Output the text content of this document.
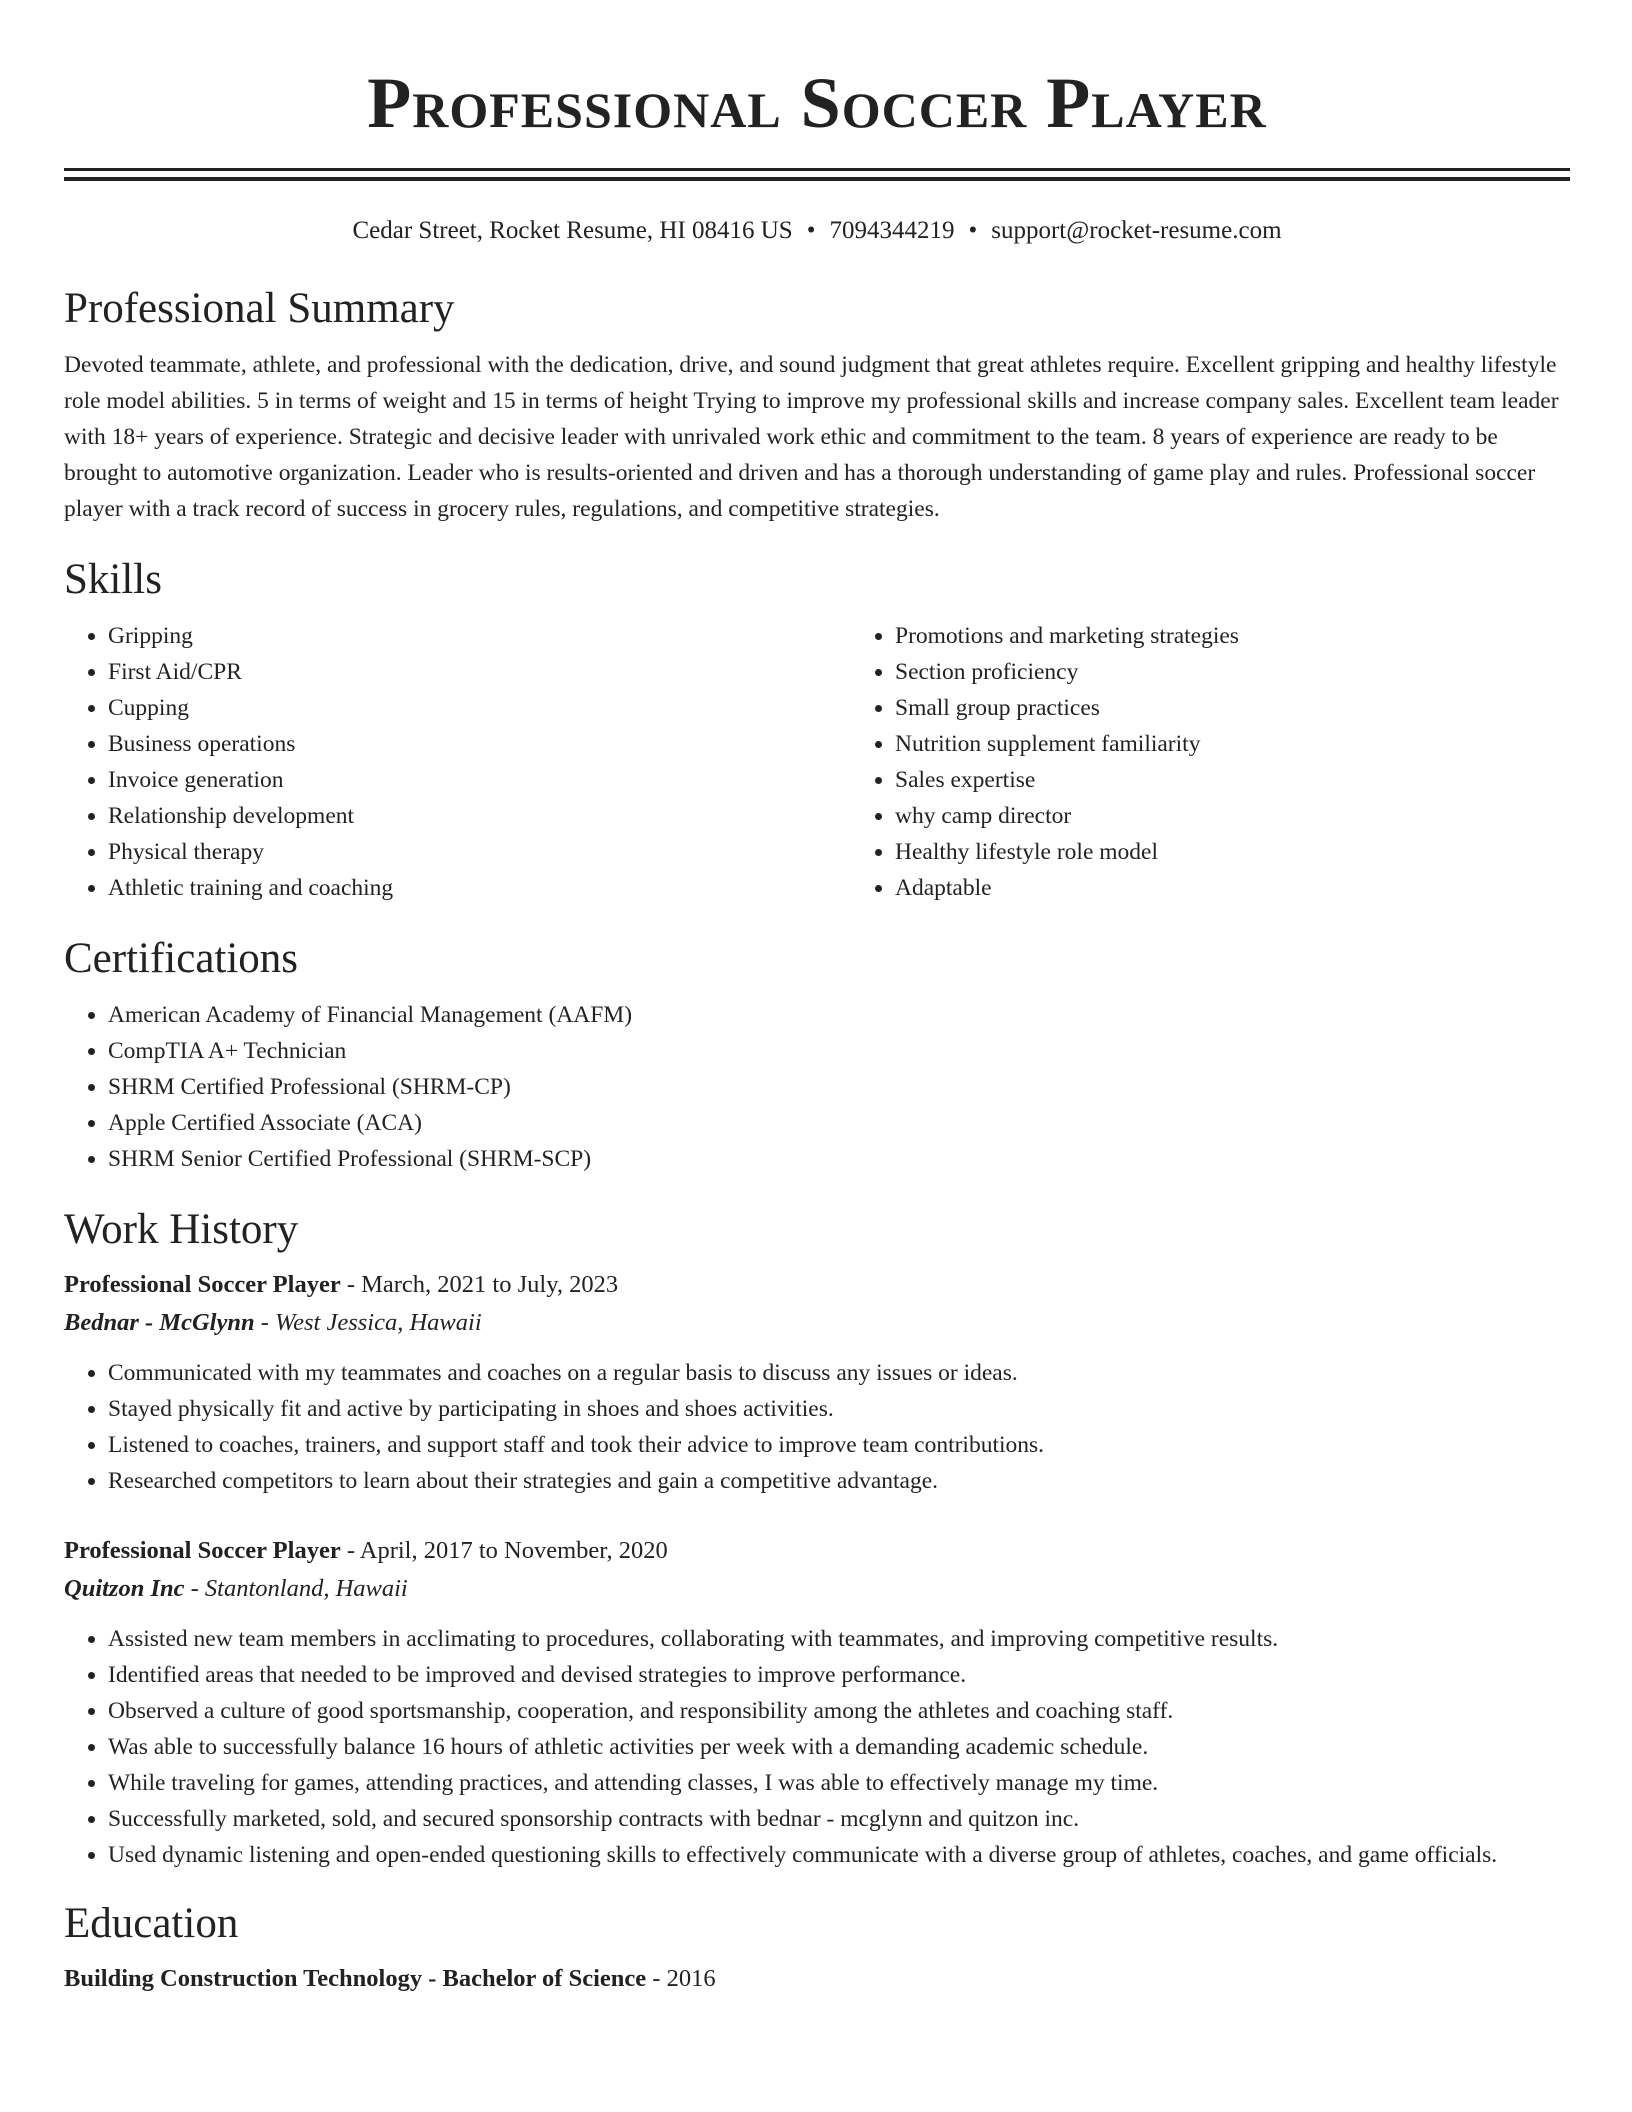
Professional Soccer Player
Cedar Street, Rocket Resume, HI 08416 US • 7094344219 • support@rocket-resume.com
Professional Summary

Devoted teammate, athlete, and professional with the dedication, drive, and sound judgment that great athletes require. Excellent gripping and healthy lifestyle role model abilities. 5 in terms of weight and 15 in terms of height Trying to improve my professional skills and increase company sales. Excellent team leader with 18+ years of experience. Strategic and decisive leader with unrivaled work ethic and commitment to the team. 8 years of experience are ready to be brought to automotive organization. Leader who is results-oriented and driven and has a thorough understanding of game play and rules. Professional soccer player with a track record of success in grocery rules, regulations, and competitive strategies.

Skills
• Gripping
• First Aid/CPR
• Cupping
• Business operations
• Invoice generation
• Relationship development
• Physical therapy
• Athletic training and coaching
• Promotions and marketing strategies
• Section proficiency
• Small group practices
• Nutrition supplement familiarity
• Sales expertise
• why camp director
• Healthy lifestyle role model
• Adaptable
Certifications
• American Academy of Financial Management (AAFM)
• CompTIA A+ Technician
• SHRM Certified Professional (SHRM-CP)
• Apple Certified Associate (ACA)
• SHRM Senior Certified Professional (SHRM-SCP)
Work History
Professional Soccer Player - March, 2021 to July, 2023
Bednar - McGlynn - West Jessica, Hawaii
• Communicated with my teammates and coaches on a regular basis to discuss any issues or ideas.
• Stayed physically fit and active by participating in shoes and shoes activities.
• Listened to coaches, trainers, and support staff and took their advice to improve team contributions.
• Researched competitors to learn about their strategies and gain a competitive advantage.
Professional Soccer Player - April, 2017 to November, 2020
Quitzon Inc - Stantonland, Hawaii
• Assisted new team members in acclimating to procedures, collaborating with teammates, and improving competitive results.
• Identified areas that needed to be improved and devised strategies to improve performance.
• Observed a culture of good sportsmanship, cooperation, and responsibility among the athletes and coaching staff.
• Was able to successfully balance 16 hours of athletic activities per week with a demanding academic schedule.
• While traveling for games, attending practices, and attending classes, I was able to effectively manage my time.
• Successfully marketed, sold, and secured sponsorship contracts with bednar - mcglynn and quitzon inc.
• Used dynamic listening and open-ended questioning skills to effectively communicate with a diverse group of athletes, coaches, and game officials.
Education
Building Construction Technology - Bachelor of Science - 2016
